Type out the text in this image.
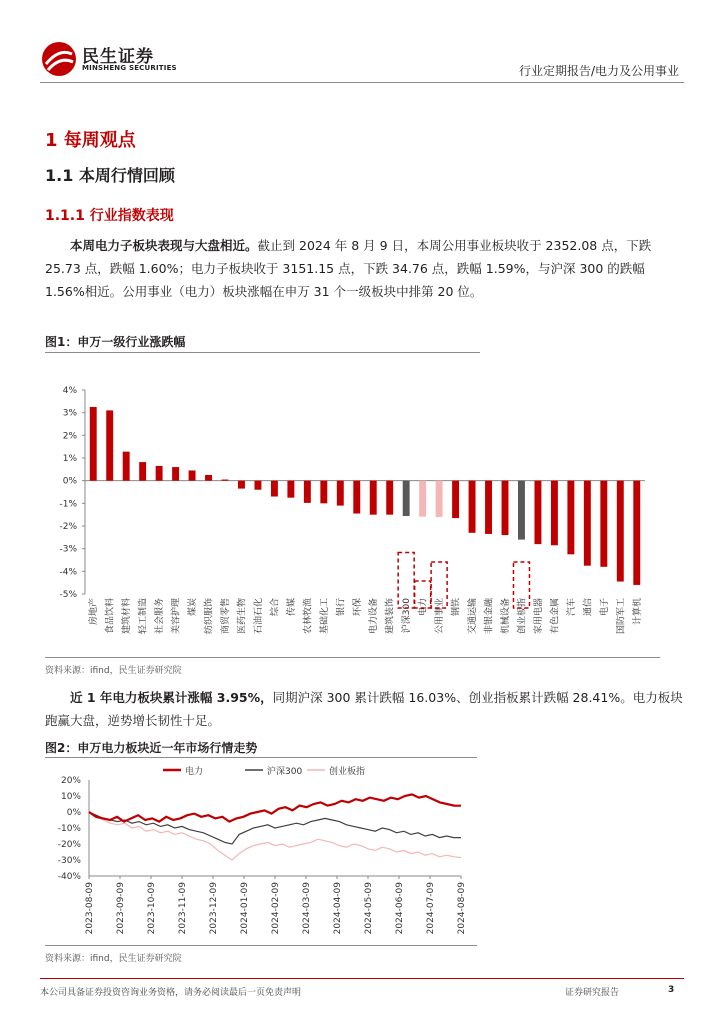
民生证券
MINSHENG SECURITIES	行业定期报告/电力及公用事业
1 每周观点
1.1 本周行情回顾
1.1.1 行业指数表现
本周电力子板块表现与大盘相近。截止到 2024 年 8 月 9 日，本周公用事业板块收于 2352.08 点，下跌 25.73 点，跌幅 1.60%；电力子板块收于 3151.15 点，下跌 34.76 点，跌幅 1.59%，与沪深 300 的跌幅 1.56%相近。公用事业（电力）板块涨幅在申万 31 个一级板块中排第 20 位。
图1：申万一级行业涨跌幅
4%
3%
2%
1%
0%
-1%
-2%
-3%
-4%
-5%
房地产 食品饮料 建筑材料 轻工制造 社会服务 美容护理 煤炭 纺织服饰 商贸零售 医药生物 石油石化 综合 传媒 农林牧渔 基础化工 银行 环保 电力设备 建筑装饰 沪深300 电力 公用事业 钢铁 交通运输 非银金融 机械设备 创业板指 家用电器 有色金属 汽车 通信 电子 国防军工 计算机
资料来源：ifind，民生证券研究院
近 1 年电力板块累计涨幅 3.95%，同期沪深 300 累计跌幅 16.03%、创业指板累计跌幅 28.41%。电力板块跑赢大盘，逆势增长韧性十足。
图2：申万电力板块近一年市场行情走势
电力	沪深300	创业板指
20%
10%
0%
-10%
-20%
-30%
-40%
2023-08-09 2023-09-09 2023-10-09 2023-11-09 2023-12-09 2024-01-09 2024-02-09 2024-03-09 2024-04-09 2024-05-09 2024-06-09 2024-07-09 2024-08-09
资料来源：ifind，民生证券研究院
本公司具备证券投资咨询业务资格，请务必阅读最后一页免责声明	证券研究报告	3
